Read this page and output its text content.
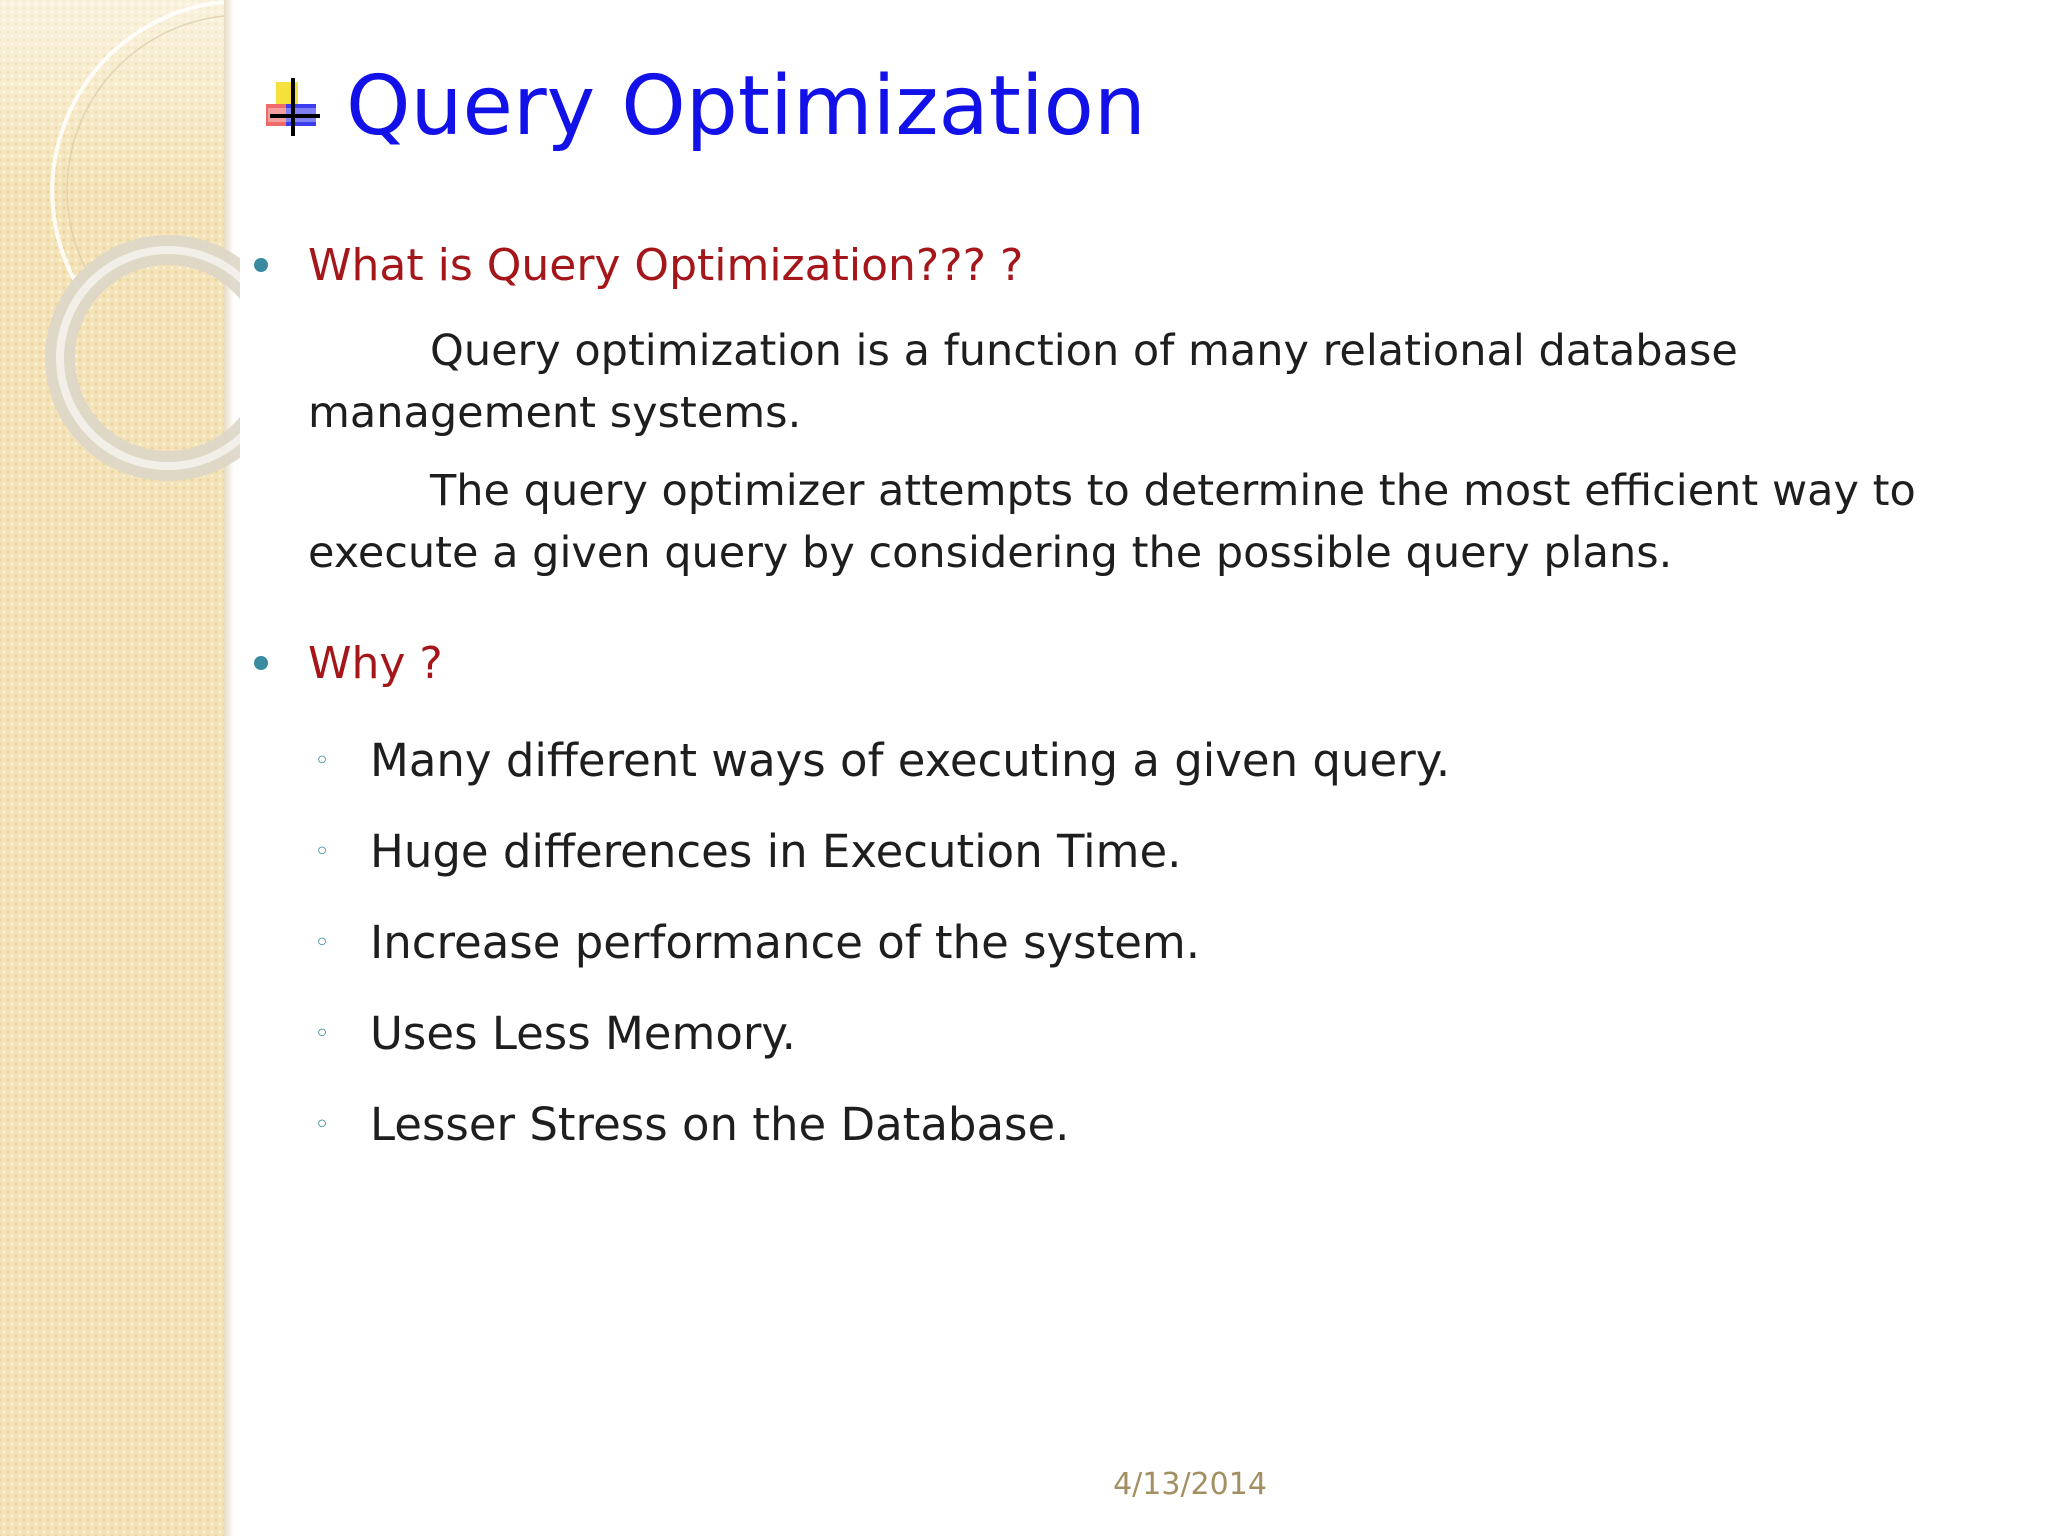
Query Optimization
What is Query Optimization??? ?
Query optimization is a function of many relational database management systems.
The query optimizer attempts to determine the most efficient way to execute a given query by considering the possible query plans.
Why ?
◦ Many different ways of executing a given query.
◦ Huge differences in Execution Time.
◦ Increase performance of the system.
◦ Uses Less Memory.
◦ Lesser Stress on the Database.
4/13/2014
